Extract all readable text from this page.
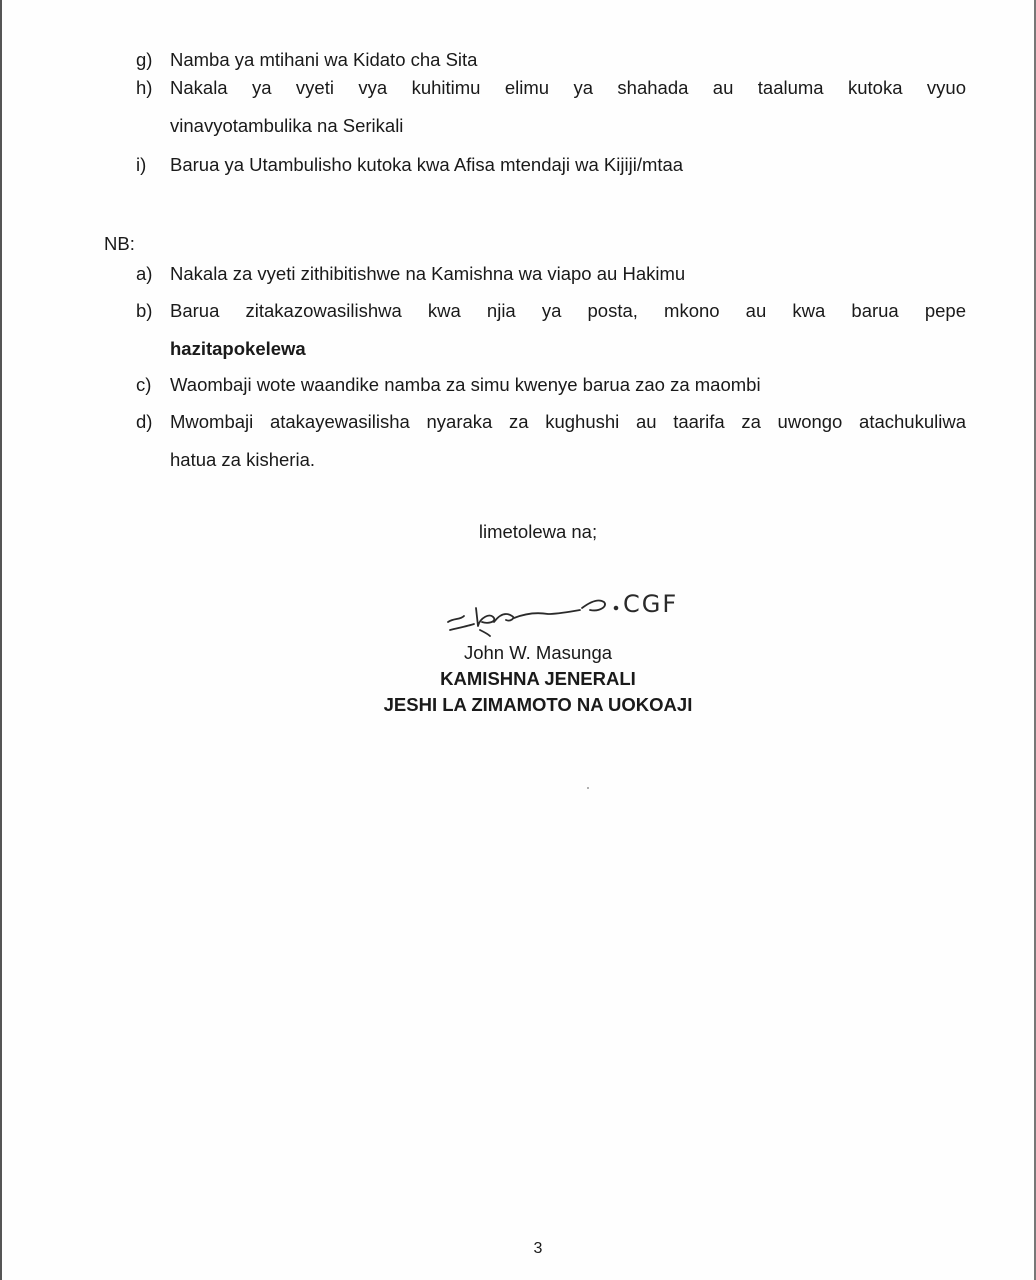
g) Namba ya mtihani wa Kidato cha Sita
h) Nakala ya vyeti vya kuhitimu elimu ya shahada au taaluma kutoka vyuo
vinavyotambulika na Serikali
i)	Barua ya Utambulisho kutoka kwa Afisa mtendaji wa Kijiji/mtaa
NB:
a) Nakala za vyeti zithibitishwe na Kamishna wa viapo au Hakimu
b) Barua zitakazowasilishwa kwa njia ya posta, mkono au kwa barua pepe
hazitapokelewa
c)	Waombaji wote waandike namba za simu kwenye barua zao za maombi
d) Mwombaji atakayewasilisha nyaraka za kughushi au taarifa za uwongo atachukuliwa
hatua za kisheria.
limetolewa na;
CGF
John W. Masunga
KAMISHNA JENERALI
JESHI LA ZIMAMOTO NA UOKOAJI
3
